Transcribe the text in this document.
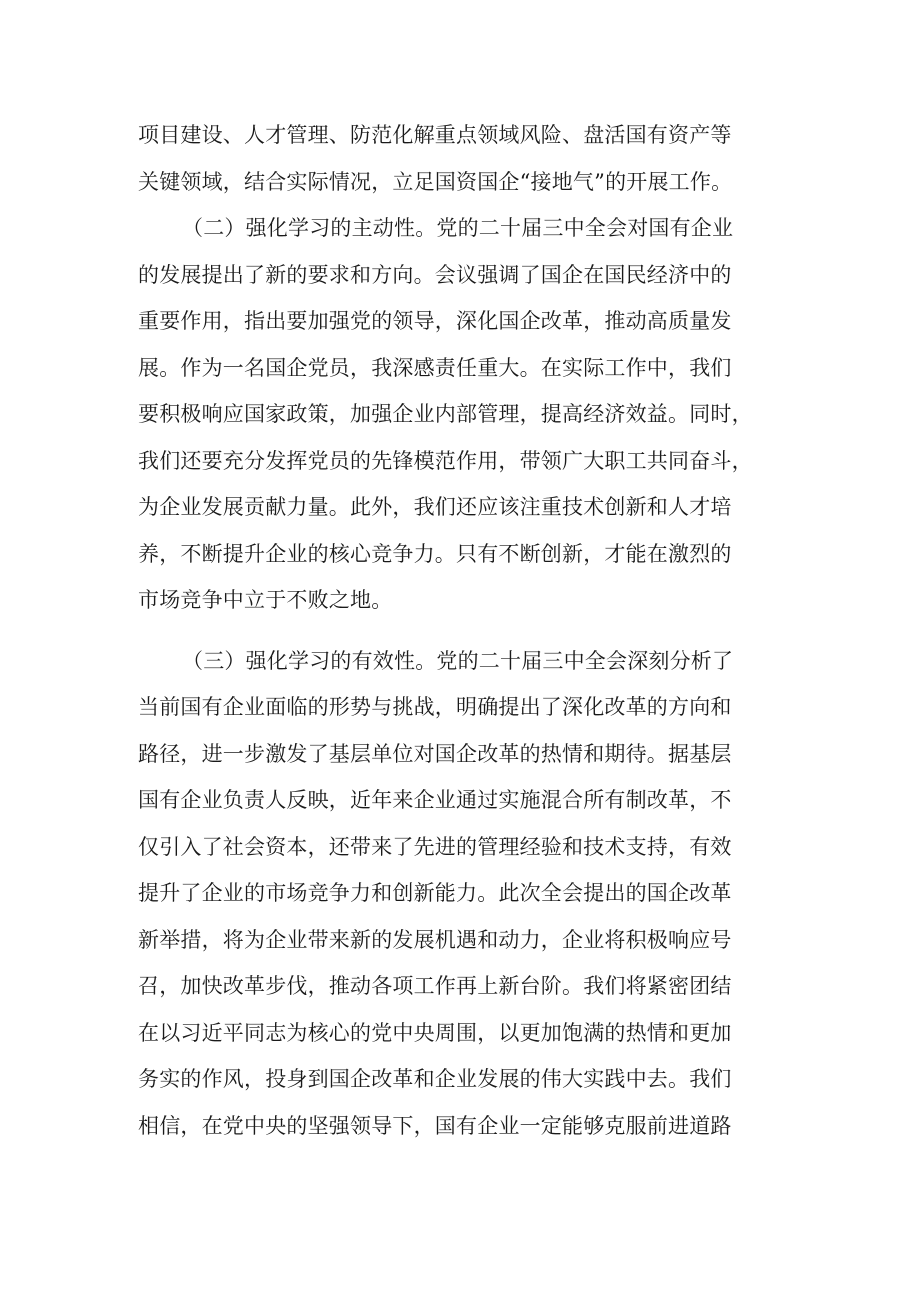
项目建设、人才管理、防范化解重点领域风险、盘活国有资产等
关键领域，结合实际情况，立足国资国企“接地气”的开展工作。
（二）强化学习的主动性。党的二十届三中全会对国有企业
的发展提出了新的要求和方向。会议强调了国企在国民经济中的
重要作用，指出要加强党的领导，深化国企改革，推动高质量发
展。作为一名国企党员，我深感责任重大。在实际工作中，我们
要积极响应国家政策，加强企业内部管理，提高经济效益。同时，
我们还要充分发挥党员的先锋模范作用，带领广大职工共同奋斗，
为企业发展贡献力量。此外，我们还应该注重技术创新和人才培
养，不断提升企业的核心竞争力。只有不断创新，才能在激烈的
市场竞争中立于不败之地。
（三）强化学习的有效性。党的二十届三中全会深刻分析了
当前国有企业面临的形势与挑战，明确提出了深化改革的方向和
路径，进一步激发了基层单位对国企改革的热情和期待。据基层
国有企业负责人反映，近年来企业通过实施混合所有制改革，不
仅引入了社会资本，还带来了先进的管理经验和技术支持，有效
提升了企业的市场竞争力和创新能力。此次全会提出的国企改革
新举措，将为企业带来新的发展机遇和动力，企业将积极响应号
召，加快改革步伐，推动各项工作再上新台阶。我们将紧密团结
在以习近平同志为核心的党中央周围，以更加饱满的热情和更加
务实的作风，投身到国企改革和企业发展的伟大实践中去。我们
相信，在党中央的坚强领导下，国有企业一定能够克服前进道路
